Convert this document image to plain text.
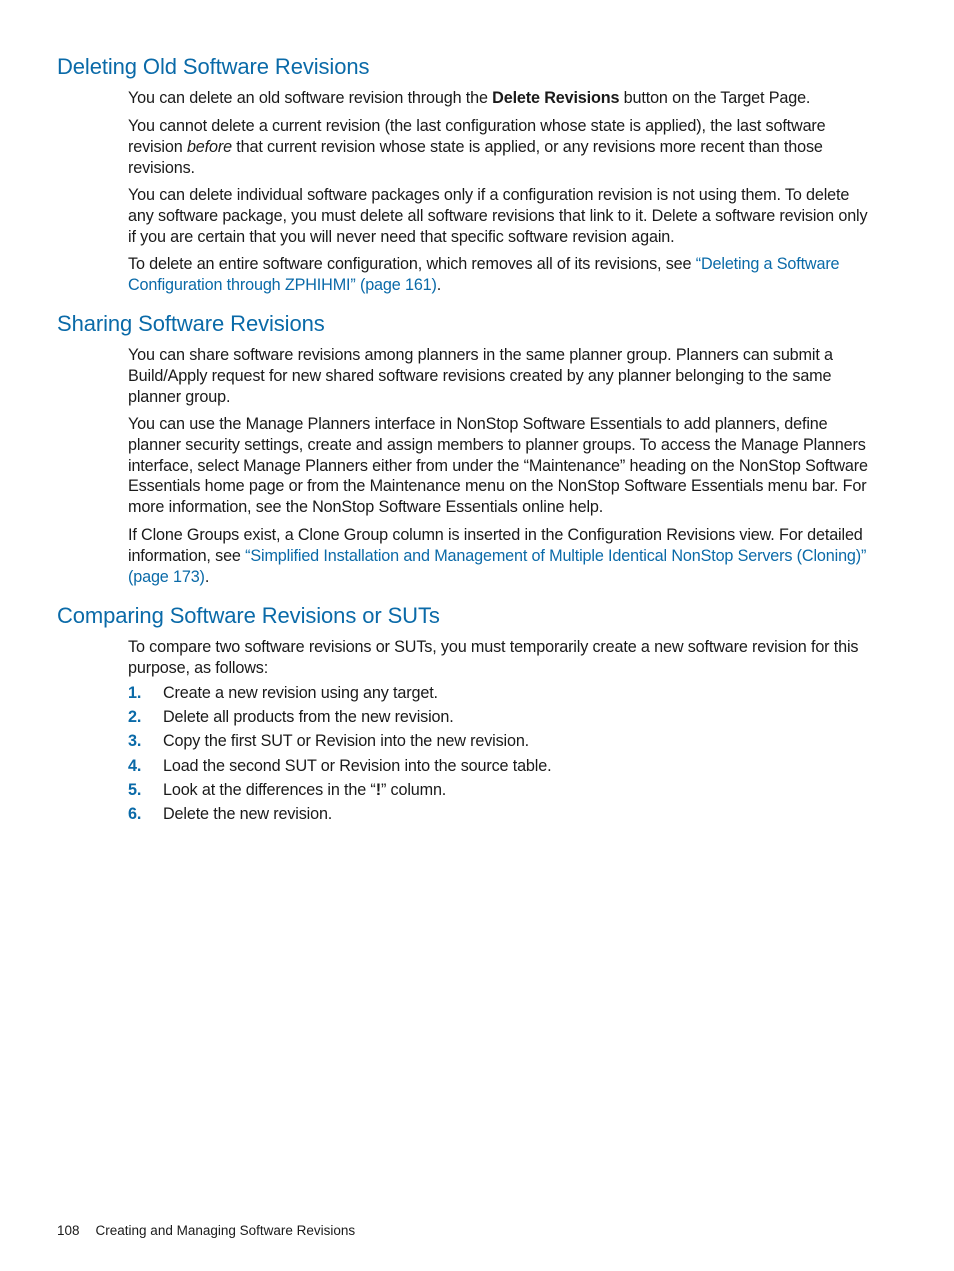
Deleting Old Software Revisions

You can delete an old software revision through the Delete Revisions button on the Target Page.

You cannot delete a current revision (the last configuration whose state is applied), the last software revision before that current revision whose state is applied, or any revisions more recent than those revisions.

You can delete individual software packages only if a configuration revision is not using them. To delete any software package, you must delete all software revisions that link to it. Delete a software revision only if you are certain that you will never need that specific software revision again.

To delete an entire software configuration, which removes all of its revisions, see “Deleting a Software Configuration through ZPHIHMI” (page 161).

Sharing Software Revisions

You can share software revisions among planners in the same planner group. Planners can submit a Build/Apply request for new shared software revisions created by any planner belonging to the same planner group.

You can use the Manage Planners interface in NonStop Software Essentials to add planners, define planner security settings, create and assign members to planner groups. To access the Manage Planners interface, select Manage Planners either from under the “Maintenance” heading on the NonStop Software Essentials home page or from the Maintenance menu on the NonStop Software Essentials menu bar. For more information, see the NonStop Software Essentials online help.

If Clone Groups exist, a Clone Group column is inserted in the Configuration Revisions view. For detailed information, see “Simplified Installation and Management of Multiple Identical NonStop Servers (Cloning)” (page 173).

Comparing Software Revisions or SUTs

To compare two software revisions or SUTs, you must temporarily create a new software revision for this purpose, as follows:

1. Create a new revision using any target.
2. Delete all products from the new revision.
3. Copy the first SUT or Revision into the new revision.
4. Load the second SUT or Revision into the source table.
5. Look at the differences in the “!” column.
6. Delete the new revision.
108 Creating and Managing Software Revisions
